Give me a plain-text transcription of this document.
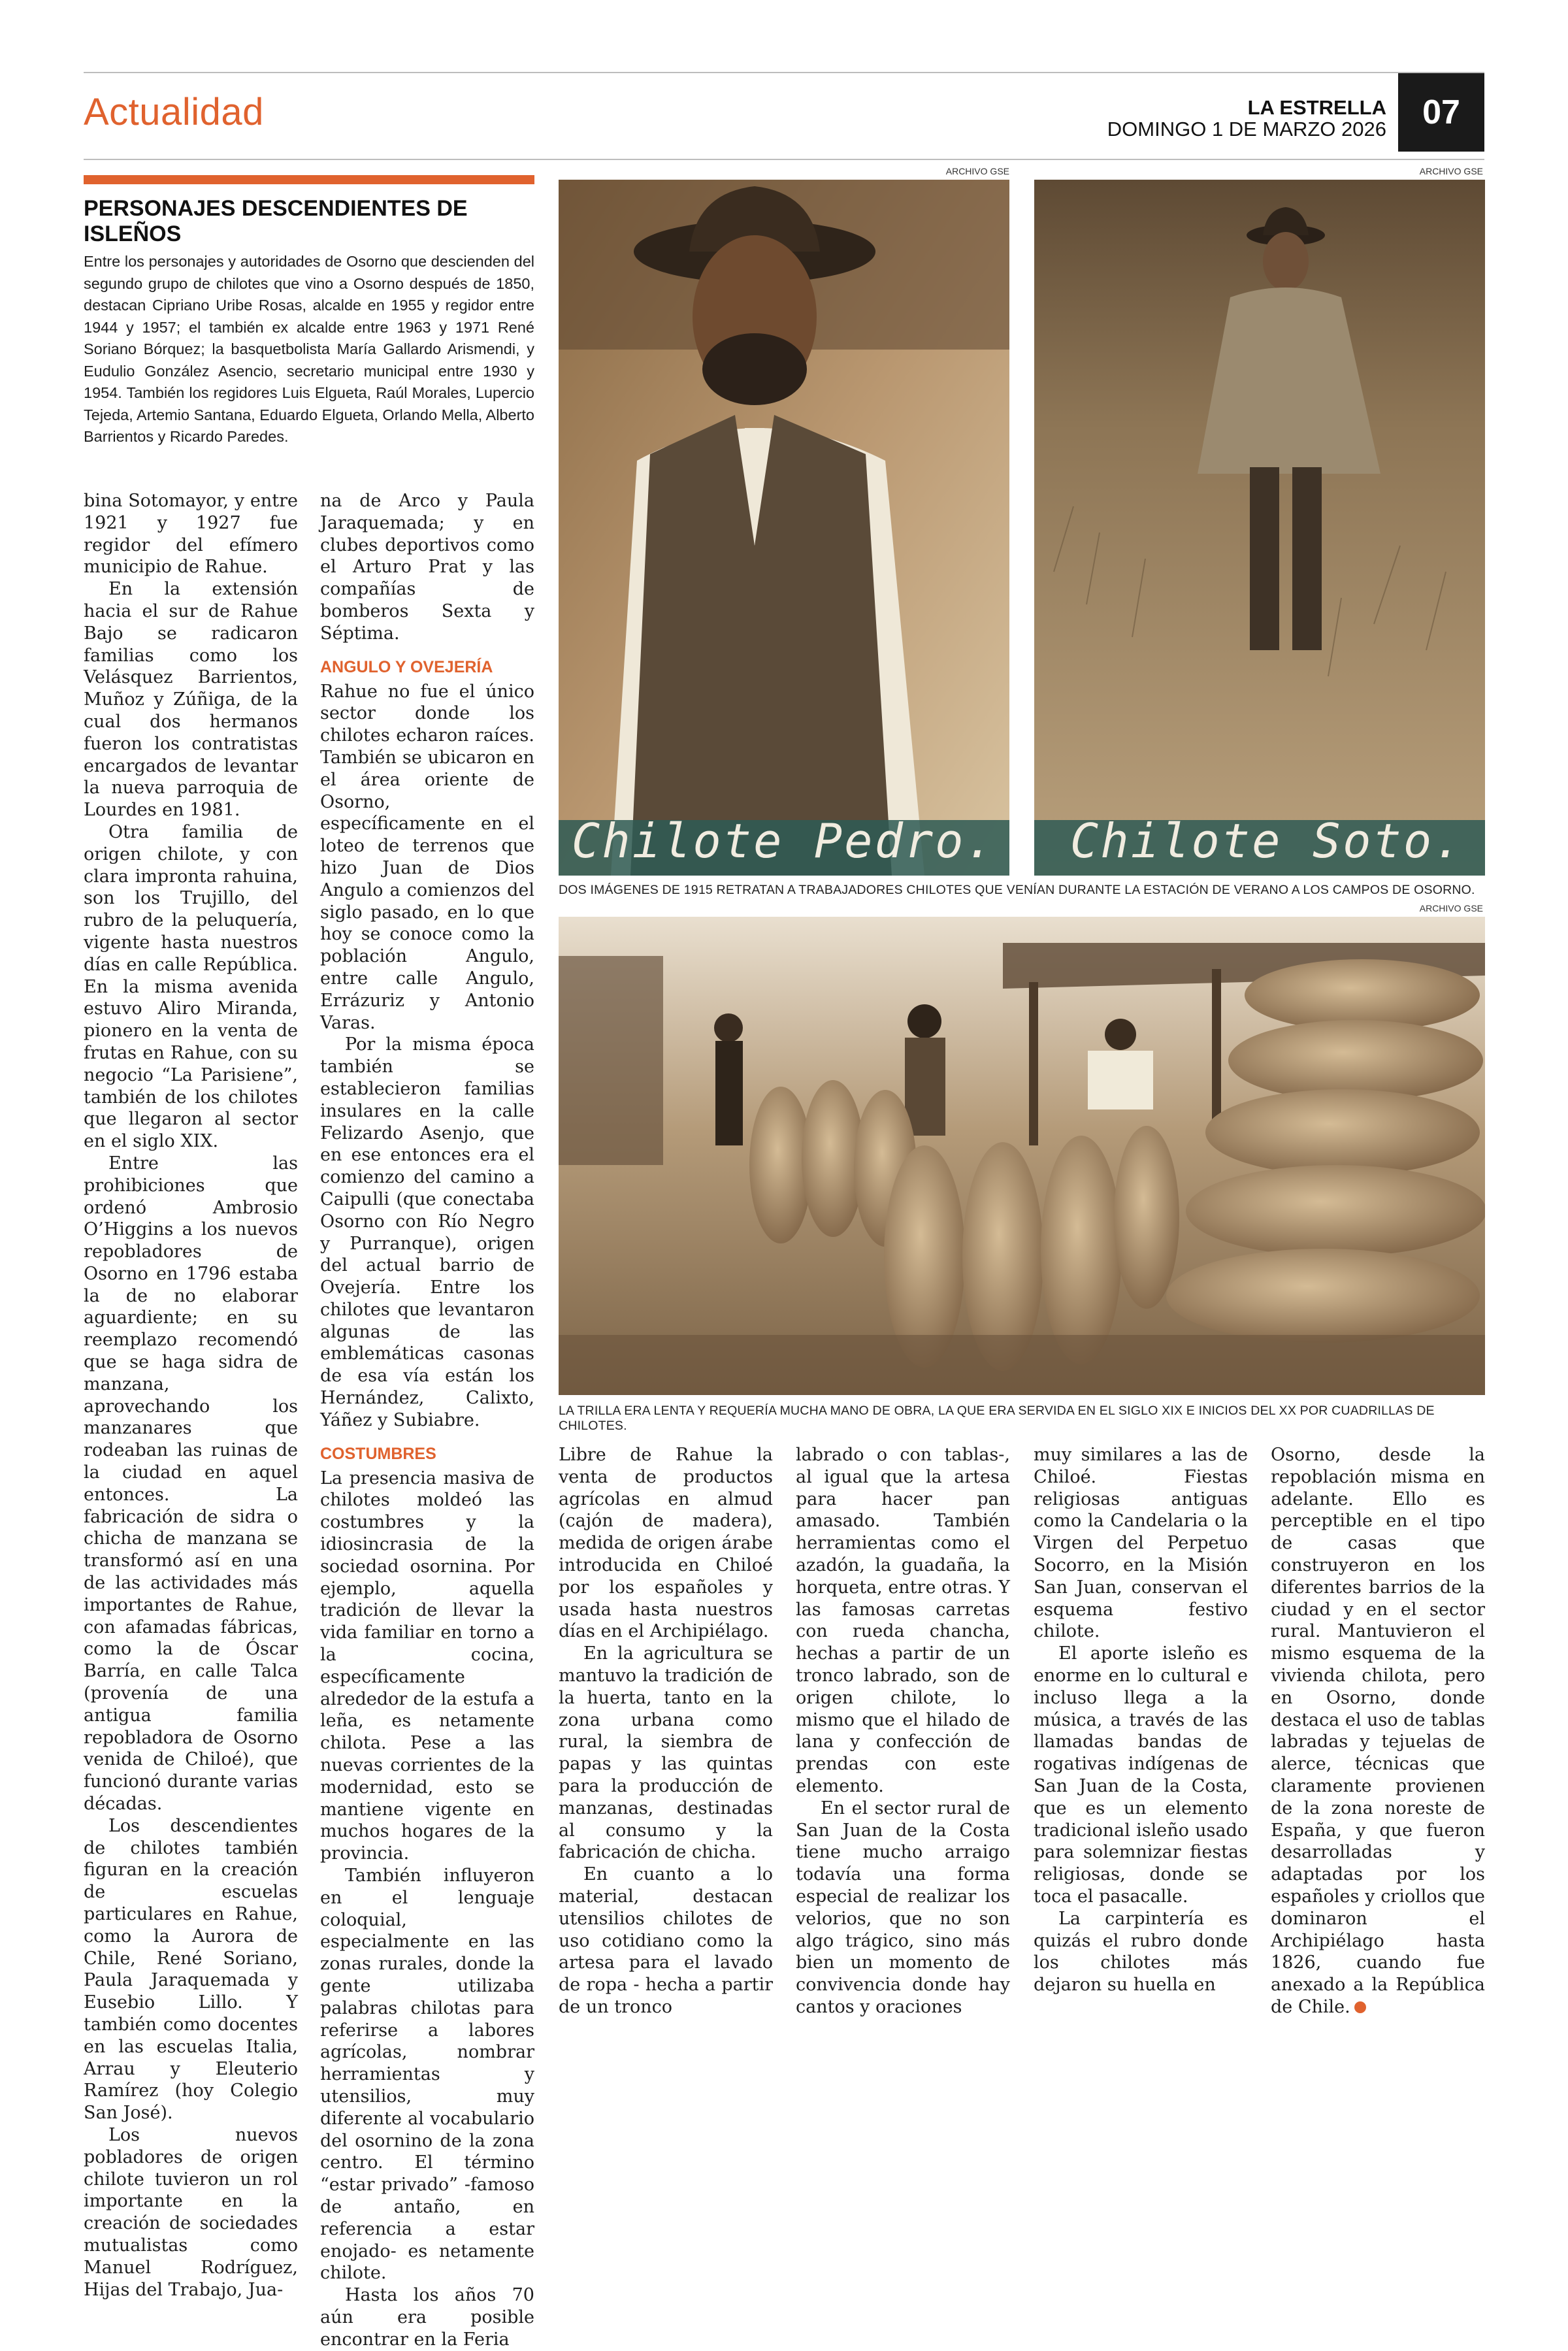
Actualidad	LA ESTRELLA
DOMINGO 1 DE MARZO 2026	07
PERSONAJES DESCENDIENTES DE ISLEÑOS
Entre los personajes y autoridades de Osorno que descienden del segundo grupo de chilotes que vino a Osorno después de 1850, destacan Cipriano Uribe Rosas, alcalde en 1955 y regidor entre 1944 y 1957; el también ex alcalde entre 1963 y 1971 René Soriano Bórquez; la basquetbolista María Gallardo Arismendi, y Eudulio González Asencio, secretario municipal entre 1930 y 1954. También los regidores Luis Elgueta, Raúl Morales, Lupercio Tejeda, Artemio Santana, Eduardo Elgueta, Orlando Mella, Alberto Barrientos y Ricardo Paredes.
ARCHIVO GSE	ARCHIVO GSE
Chilote Pedro. Chilote Soto.
DOS IMÁGENES DE 1915 RETRATAN A TRABAJADORES CHILOTES QUE VENÍAN DURANTE LA ESTACIÓN DE VERANO A LOS CAMPOS DE OSORNO.
ARCHIVO GSE
LA TRILLA ERA LENTA Y REQUERÍA MUCHA MANO DE OBRA, LA QUE ERA SERVIDA EN EL SIGLO XIX E INICIOS DEL XX POR CUADRILLAS DE CHILOTES.

bina Sotomayor, y entre 1921 y 1927 fue regidor del efímero municipio de Rahue.

En la extensión hacia el sur de Rahue Bajo se radicaron familias como los Velásquez Barrientos, Muñoz y Zúñiga, de la cual dos hermanos fueron los contratistas encargados de levantar la nueva parroquia de Lourdes en 1981.

Otra familia de origen chilote, y con clara impronta rahuina, son los Trujillo, del rubro de la peluquería, vigente hasta nuestros días en calle República. En la misma avenida estuvo Aliro Miranda, pionero en la venta de frutas en Rahue, con su negocio “La Parisiene”, también de los chilotes que llegaron al sector en el siglo XIX.

Entre las prohibiciones que ordenó Ambrosio O’Higgins a los nuevos repobladores de Osorno en 1796 estaba la de no elaborar aguardiente; en su reemplazo recomendó que se haga sidra de manzana, aprovechando los manzanares que rodeaban las ruinas de la ciudad en aquel entonces. La fabricación de sidra o chicha de manzana se transformó así en una de las actividades más importantes de Rahue, con afamadas fábricas, como la de Óscar Barría, en calle Talca (provenía de una antigua familia repobladora de Osorno venida de Chiloé), que funcionó durante varias décadas.

Los descendientes de chilotes también figuran en la creación de escuelas particulares en Rahue, como la Aurora de Chile, René Soriano, Paula Jaraquemada y Eusebio Lillo. Y también como docentes en las escuelas Italia, Arrau y Eleuterio Ramírez (hoy Colegio San José).

Los nuevos pobladores de origen chilote tuvieron un rol importante en la creación de sociedades mutualistas como Manuel Rodríguez, Hijas del Trabajo, Jua-

na de Arco y Paula Jaraquemada; y en clubes deportivos como el Arturo Prat y las compañías de bomberos Sexta y Séptima.

ANGULO Y OVEJERÍA

Rahue no fue el único sector donde los chilotes echaron raíces. También se ubicaron en el área oriente de Osorno, específicamente en el loteo de terrenos que hizo Juan de Dios Angulo a comienzos del siglo pasado, en lo que hoy se conoce como la población Angulo, entre calle Angulo, Errázuriz y Antonio Varas.

Por la misma época también se establecieron familias insulares en la calle Felizardo Asenjo, que en ese entonces era el comienzo del camino a Caipulli (que conectaba Osorno con Río Negro y Purranque), origen del actual barrio de Ovejería. Entre los chilotes que levantaron algunas de las emblemáticas casonas de esa vía están los Hernández, Calixto, Yáñez y Subiabre.

COSTUMBRES

La presencia masiva de chilotes moldeó las costumbres y la idiosincrasia de la sociedad osornina. Por ejemplo, aquella tradición de llevar la vida familiar en torno a la cocina, específicamente alrededor de la estufa a leña, es netamente chilota. Pese a las nuevas corrientes de la modernidad, esto se mantiene vigente en muchos hogares de la provincia.

También influyeron en el lenguaje coloquial, especialmente en las zonas rurales, donde la gente utilizaba palabras chilotas para referirse a labores agrícolas, nombrar herramientas y utensilios, muy diferente al vocabulario del osornino de la zona centro. El término “estar privado” -famoso de antaño, en referencia a estar enojado- es netamente chilote.

Hasta los años 70 aún era posible encontrar en la Feria

Libre de Rahue la venta de productos agrícolas en almud (cajón de madera), medida de origen árabe introducida en Chiloé por los españoles y usada hasta nuestros días en el Archipiélago.

En la agricultura se mantuvo la tradición de la huerta, tanto en la zona urbana como rural, la siembra de papas y las quintas para la producción de manzanas, destinadas al consumo y la fabricación de chicha.

En cuanto a lo material, destacan utensilios chilotes de uso cotidiano como la artesa para el lavado de ropa - hecha a partir de un tronco

labrado o con tablas-, al igual que la artesa para hacer pan amasado. También herramientas como el azadón, la guadaña, la horqueta, entre otras. Y las famosas carretas con rueda chancha, hechas a partir de un tronco labrado, son de origen chilote, lo mismo que el hilado de lana y confección de prendas con este elemento.

En el sector rural de San Juan de la Costa tiene mucho arraigo todavía una forma especial de realizar los velorios, que no son algo trágico, sino más bien un momento de convivencia donde hay cantos y oraciones

muy similares a las de Chiloé. Fiestas religiosas antiguas como la Candelaria o la Virgen del Perpetuo Socorro, en la Misión San Juan, conservan el esquema festivo chilote.

El aporte isleño es enorme en lo cultural e incluso llega a la música, a través de las llamadas bandas de rogativas indígenas de San Juan de la Costa, que es un elemento tradicional isleño usado para solemnizar fiestas religiosas, donde se toca el pasacalle.

La carpintería es quizás el rubro donde los chilotes más dejaron su huella en

Osorno, desde la repoblación misma en adelante. Ello es perceptible en el tipo de casas que construyeron en los diferentes barrios de la ciudad y en el sector rural. Mantuvieron el mismo esquema de la vivienda chilota, pero en Osorno, donde destaca el uso de tablas labradas y tejuelas de alerce, técnicas que claramente provienen de la zona noreste de España, y que fueron desarrolladas y adaptadas por los españoles y criollos que dominaron el Archipiélago hasta 1826, cuando fue anexado a la República de Chile.
